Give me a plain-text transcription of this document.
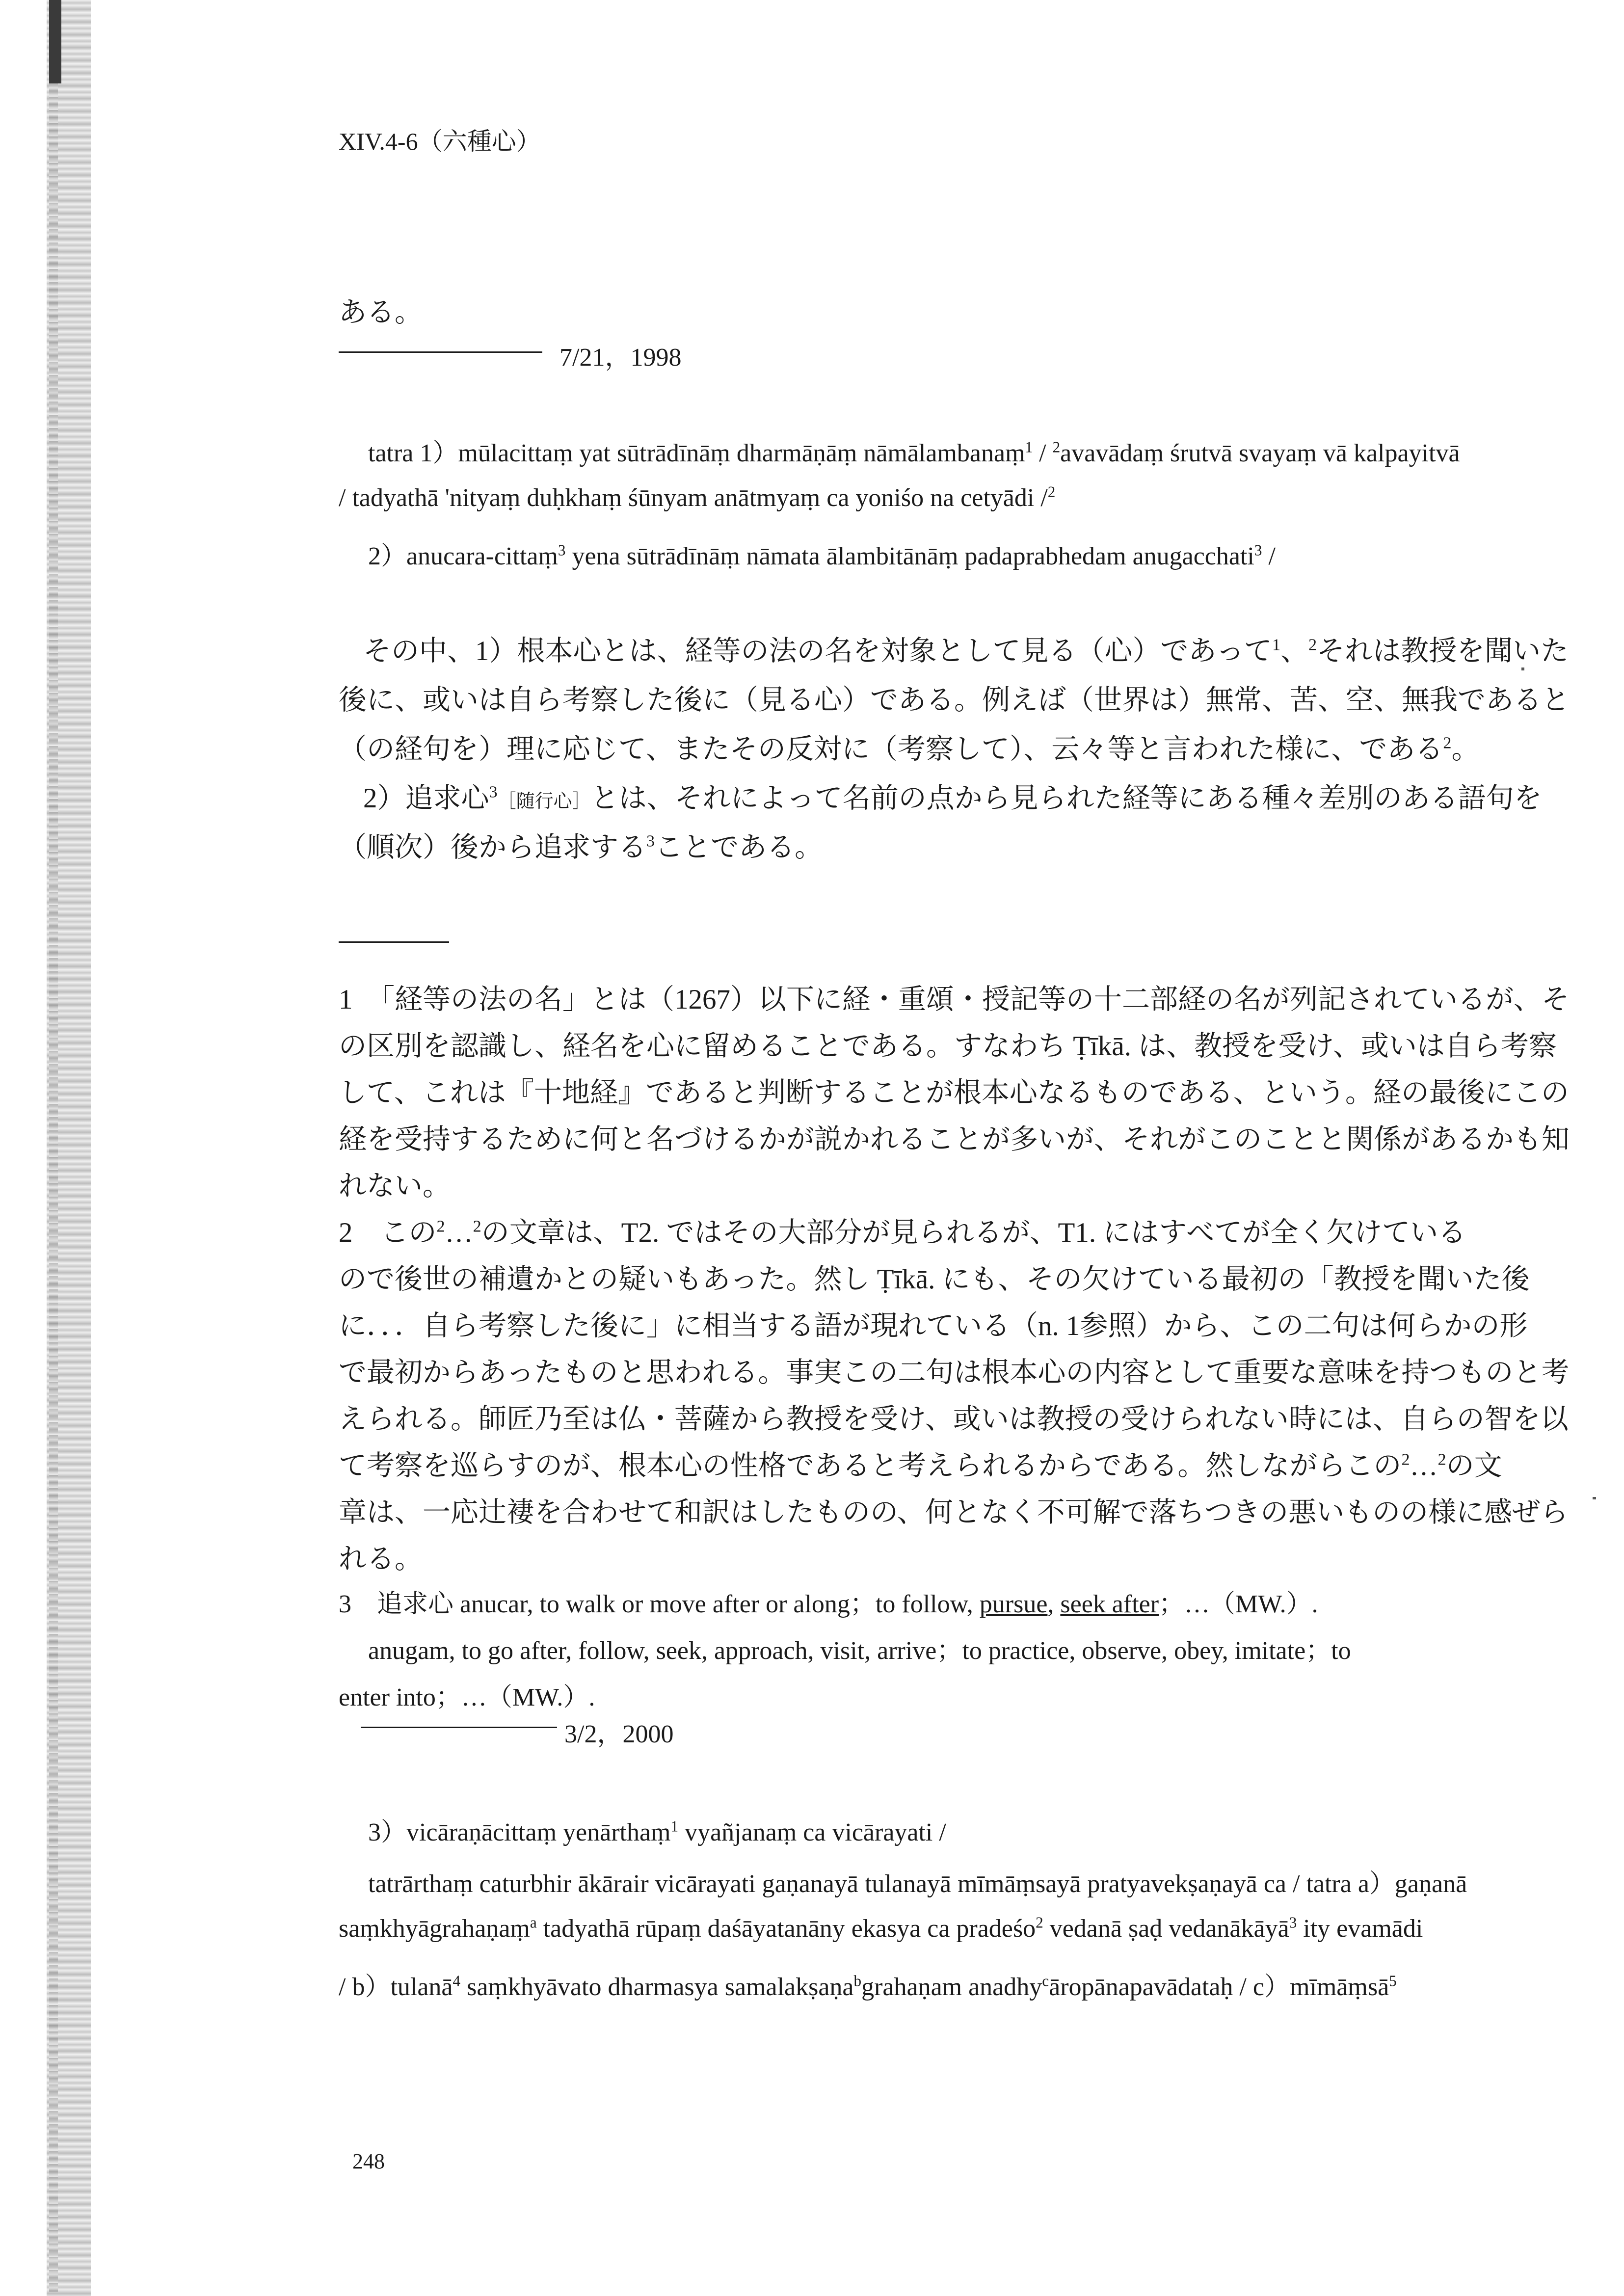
XIV.4-6（六種心）
ある。
7/21，1998
tatra 1）mūlacittaṃ yat sūtrādīnāṃ dharmāṇāṃ nāmālambanaṃ$^1$ / $^2$avavādaṃ śrutvā svayaṃ vā kalpayitvā
/ tadyathā 'nityaṃ duḥkhaṃ śūnyam anātmyaṃ ca yoniśo na cetyādi /$^2$
2）anucara-cittaṃ$^3$ yena sūtrādīnāṃ nāmata ālambitānāṃ padaprabhedam anugacchati$^3$ /
その中、1）根本心とは、経等の法の名を対象として見る（心）であって$^1$、$^2$それは教授を聞いた
後に、或いは自ら考察した後に（見る心）である。例えば（世界は）無常、苦、空、無我であると
（の経句を）理に応じて、またその反対に（考察して）、云々等と言われた様に、である$^2$。
2）追求心$^3$［随行心］とは、それによって名前の点から見られた経等にある種々差別のある語句を
（順次）後から追求する$^3$ことである。
1　「経等の法の名」とは（1267）以下に経・重頌・授記等の十二部経の名が列記されているが、そ
の区別を認識し、経名を心に留めることである。すなわち Ṭīkā. は、教授を受け、或いは自ら考察
して、これは『十地経』であると判断することが根本心なるものである、という。経の最後にこの
経を受持するために何と名づけるかが説かれることが多いが、それがこのことと関係があるかも知
れない。
2　この$^2$…$^2$の文章は、T2. ではその大部分が見られるが、T1. にはすべてが全く欠けている
ので後世の補遺かとの疑いもあった。然し Ṭīkā. にも、その欠けている最初の「教授を聞いた後
に．．．自ら考察した後に」に相当する語が現れている（n. 1参照）から、この二句は何らかの形
で最初からあったものと思われる。事実この二句は根本心の内容として重要な意味を持つものと考
えられる。師匠乃至は仏・菩薩から教授を受け、或いは教授の受けられない時には、自らの智を以
て考察を巡らすのが、根本心の性格であると考えられるからである。然しながらこの$^2$…$^2$の文
章は、一応辻褄を合わせて和訳はしたものの、何となく不可解で落ちつきの悪いものの様に感ぜら
れる。
3　追求心 anucar, to walk or move after or along；to follow, pursue, seek after；…（MW.）.
anugam, to go after, follow, seek, approach, visit, arrive；to practice, observe, obey, imitate；to
enter into；…（MW.）.
3/2，2000
3）vicāraṇācittaṃ yenārthaṃ$^1$ vyañjanaṃ ca vicārayati /
tatrārthaṃ caturbhir ākārair vicārayati gaṇanayā tulanayā mīmāṃsayā pratyavekṣaṇayā ca / tatra a）gaṇanā
saṃkhyāgrahaṇaṃ$^a$ tadyathā rūpaṃ daśāyatanāny ekasya ca pradeśo$^2$ vedanā ṣaḍ vedanākāyā$^3$ ity evamādi
/ b）tulanā$^4$ saṃkhyāvato dharmasya samalakṣaṇa$^b$grahaṇam anadhy$^c$āropānapavādataḥ / c）mīmāṃsā$^5$
248
